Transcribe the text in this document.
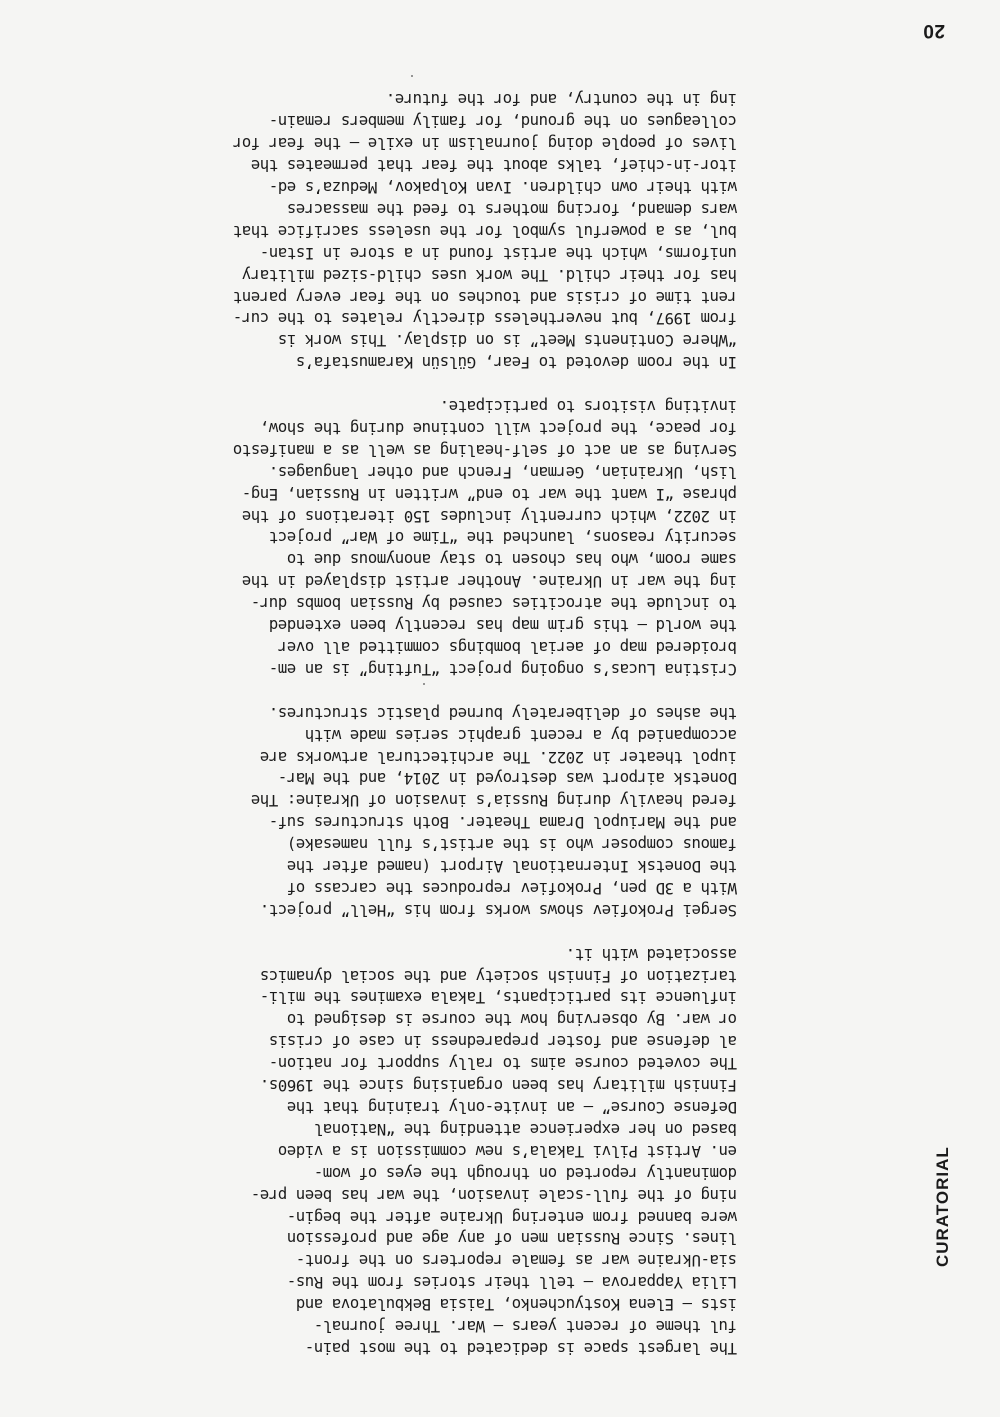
CURATORIAL
20

The largest space is dedicated to the most pain-
ful theme of recent years — War. Three journal-
ists — Elena Kostyuchenko, Taisia Bekbulatova and
Lilia Yapparova — tell their stories from the Rus-
sia-Ukraine war as female reporters on the front-
lines. Since Russian men of any age and profession
were banned from entering Ukraine after the begin-
ning of the full-scale invasion, the war has been pre-
dominantly reported on through the eyes of wom-
en. Artist Pilvi Takala’s new commission is a video
based on her experience attending the “National
Defense Course” — an invite-only training that the
Finnish military has been organising since the 1960s.
The coveted course aims to rally support for nation-
al defense and foster preparedness in case of crisis
or war. By observing how the course is designed to
influence its participants, Takala examines the mili-
tarization of Finnish society and the social dynamics
associated with it.

Sergei Prokofiev shows works from his “Hell” project.
With a 3D pen, Prokofiev reproduces the carcass of
the Donetsk International Airport (named after the
famous composer who is the artist’s full namesake)
and the Mariupol Drama Theater. Both structures suf-
fered heavily during Russia’s invasion of Ukraine: The
Donetsk airport was destroyed in 2014, and the Mar-
iupol theater in 2022. The architectural artworks are
accompanied by a recent graphic series made with
the ashes of deliberately burned plastic structures.

Cristina Lucas’s ongoing project “Tufting” is an em-
broidered map of aerial bombings committed all over
the world — this grim map has recently been extended
to include the atrocities caused by Russian bombs dur-
ing the war in Ukraine. Another artist displayed in the
same room, who has chosen to stay anonymous due to
security reasons, launched the “Time of War” project
in 2022, which currently includes 150 iterations of the
phrase “I want the war to end” written in Russian, Eng-
lish, Ukrainian, German, French and other languages.
Serving as an act of self-healing as well as a manifesto
for peace, the project will continue during the show,
inviting visitors to participate.

In the room devoted to Fear, Gülsün Karamustafa’s
“Where Continents Meet” is on display. This work is
from 1997, but nevertheless directly relates to the cur-
rent time of crisis and touches on the fear every parent
has for their child. The work uses child-sized military
uniforms, which the artist found in a store in Istan-
bul, as a powerful symbol for the useless sacrifice that
wars demand, forcing mothers to feed the massacres
with their own children. Ivan Kolpakov, Meduza’s ed-
itor-in-chief, talks about the fear that permeates the
lives of people doing journalism in exile — the fear for
colleagues on the ground, for family members remain-
ing in the country, and for the future.
